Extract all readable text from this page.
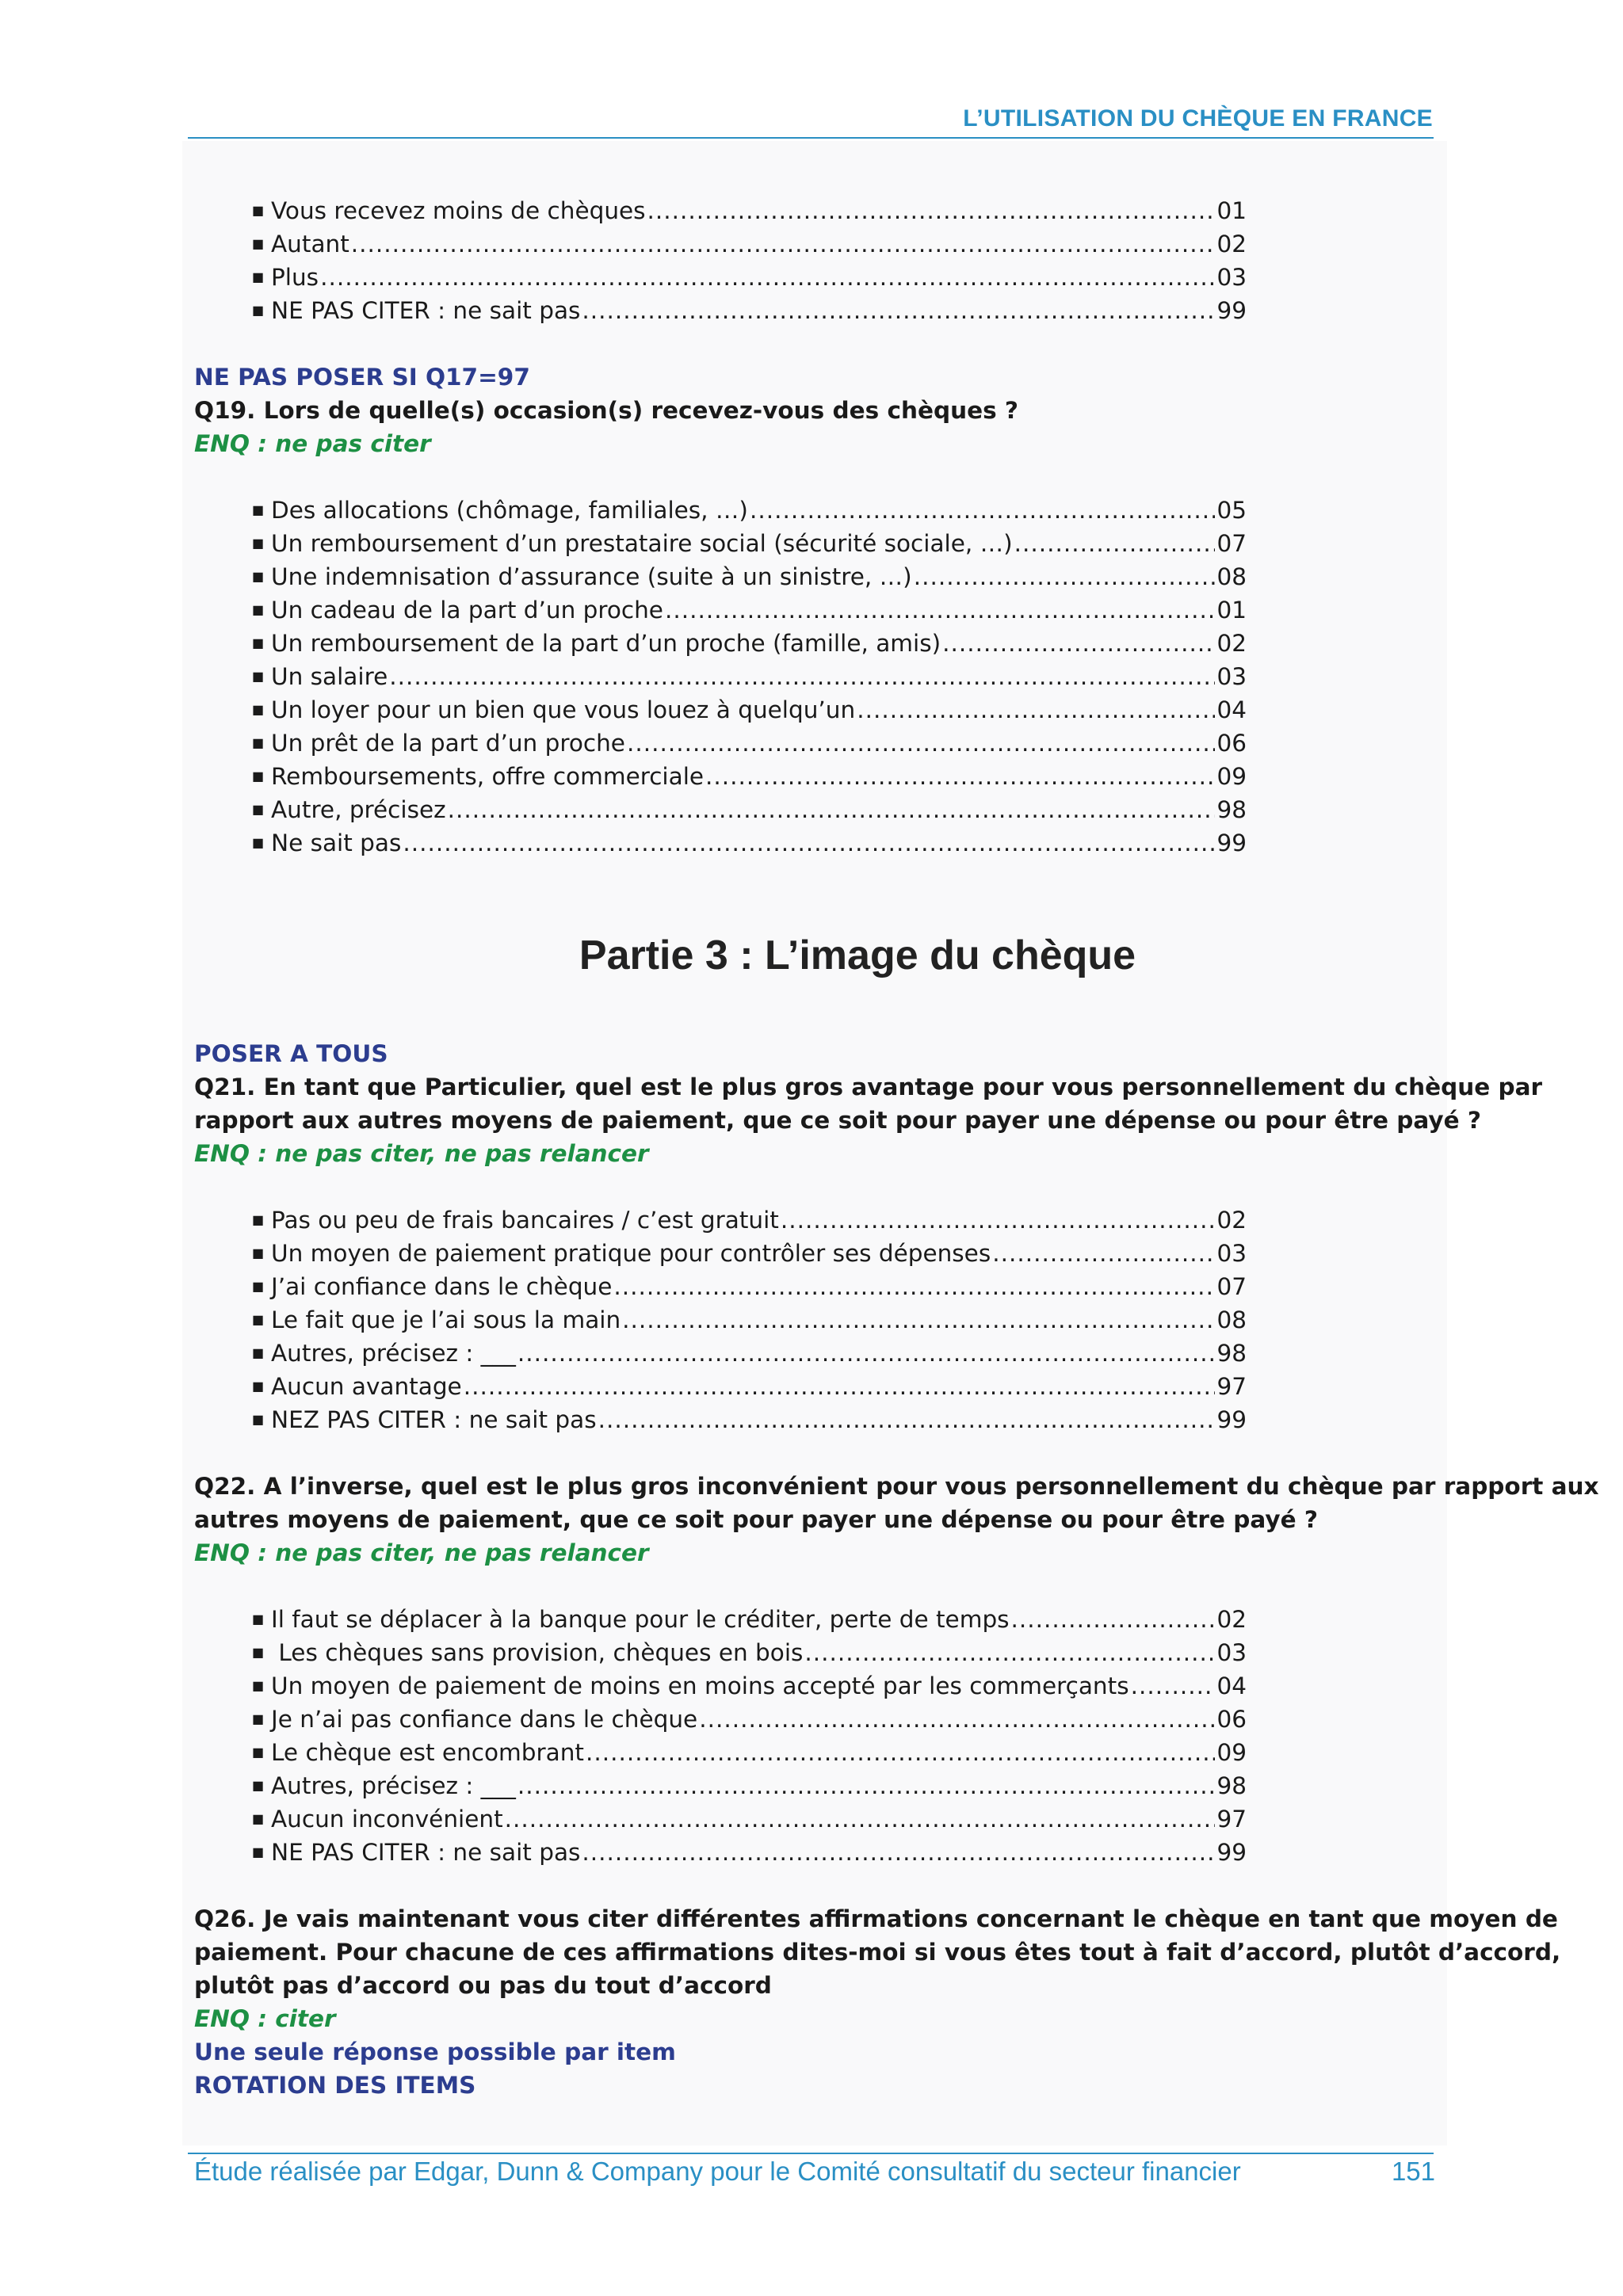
L’UTILISATION DU CHÈQUE EN FRANCE
■ Vous recevez moins de chèques .....	01
■ Autant .....	02
■ Plus .....	03
■ NE PAS CITER : ne sait pas .....	99
NE PAS POSER SI Q17=97
Q19. Lors de quelle(s) occasion(s) recevez-vous des chèques ?
ENQ : ne pas citer
■ Des allocations (chômage, familiales, …) .....	05
■ Un remboursement d’un prestataire social (sécurité sociale, …) .....	07
■ Une indemnisation d’assurance (suite à un sinistre, …) .....	08
■ Un cadeau de la part d’un proche .....	01
■ Un remboursement de la part d’un proche (famille, amis) .....	02
■ Un salaire .....	03
■ Un loyer pour un bien que vous louez à quelqu’un .....	04
■ Un prêt de la part d’un proche .....	06
■ Remboursements, offre commerciale .....	09
■ Autre, précisez .....	98
■ Ne sait pas .....	99
Partie 3 : L’image du chèque
POSER A TOUS
Q21. En tant que Particulier, quel est le plus gros avantage pour vous personnellement du chèque par
rapport aux autres moyens de paiement, que ce soit pour payer une dépense ou pour être payé ?
ENQ : ne pas citer, ne pas relancer
■ Pas ou peu de frais bancaires / c’est gratuit .....	02
■ Un moyen de paiement pratique pour contrôler ses dépenses .....	03
■ J’ai confiance dans le chèque .....	07
■ Le fait que je l’ai sous la main .....	08
■ Autres, précisez : ___ .....	98
■ Aucun avantage .....	97
■ NEZ PAS CITER : ne sait pas .....	99
Q22. A l’inverse, quel est le plus gros inconvénient pour vous personnellement du chèque par rapport aux
autres moyens de paiement, que ce soit pour payer une dépense ou pour être payé ?
ENQ : ne pas citer, ne pas relancer
■ Il faut se déplacer à la banque pour le créditer, perte de temps .....	02
■ Les chèques sans provision, chèques en bois .....	03
■ Un moyen de paiement de moins en moins accepté par les commerçants .....	04
■ Je n’ai pas confiance dans le chèque .....	06
■ Le chèque est encombrant .....	09
■ Autres, précisez : ___ .....	98
■ Aucun inconvénient .....	97
■ NE PAS CITER : ne sait pas .....	99
Q26. Je vais maintenant vous citer différentes affirmations concernant le chèque en tant que moyen de
paiement. Pour chacune de ces affirmations dites-moi si vous êtes tout à fait d’accord, plutôt d’accord,
plutôt pas d’accord ou pas du tout d’accord
ENQ : citer
Une seule réponse possible par item
ROTATION DES ITEMS
Étude réalisée par Edgar, Dunn & Company pour le Comité consultatif du secteur financier	151
